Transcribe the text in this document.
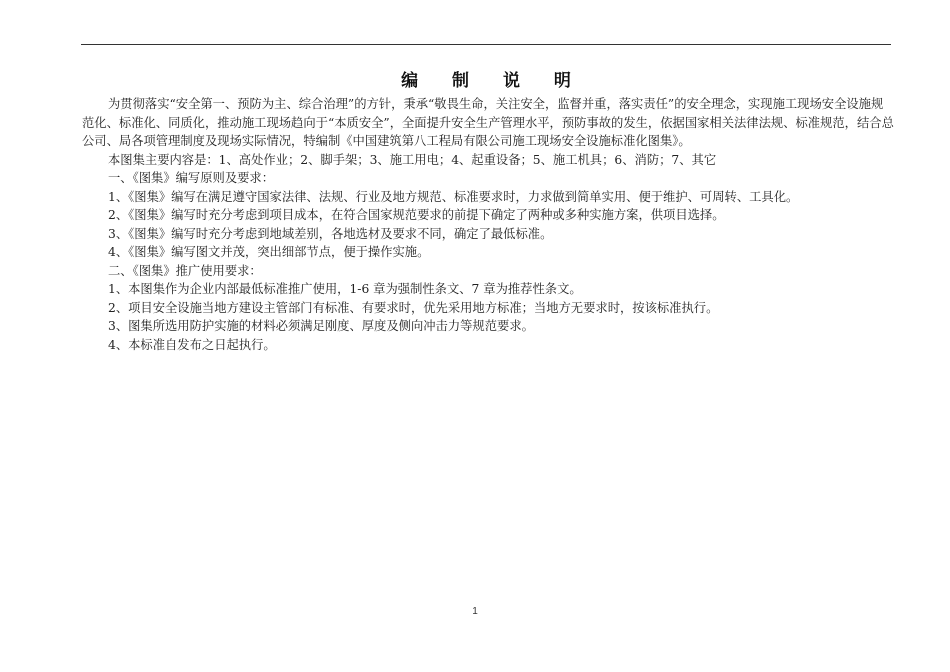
编 制 说 明

为贯彻落实“安全第一、预防为主、综合治理”的方针，秉承“敬畏生命，关注安全，监督并重，落实责任”的安全理念，实现施工现场安全设施规范化、标准化、同质化，推动施工现场趋向于“本质安全”，全面提升安全生产管理水平，预防事故的发生，依据国家相关法律法规、标准规范，结合总公司、局各项管理制度及现场实际情况，特编制《中国建筑第八工程局有限公司施工现场安全设施标准化图集》。

本图集主要内容是：1、高处作业；2、脚手架；3、施工用电；4、起重设备；5、施工机具；6、消防；7、其它

一、《图集》编写原则及要求：

1、《图集》编写在满足遵守国家法律、法规、行业及地方规范、标准要求时，力求做到简单实用、便于维护、可周转、工具化。

2、《图集》编写时充分考虑到项目成本，在符合国家规范要求的前提下确定了两种或多种实施方案，供项目选择。

3、《图集》编写时充分考虑到地域差别，各地选材及要求不同，确定了最低标准。

4、《图集》编写图文并茂，突出细部节点，便于操作实施。

二、《图集》推广使用要求：

1、本图集作为企业内部最低标准推广使用，1-6 章为强制性条文、7 章为推荐性条文。

2、项目安全设施当地方建设主管部门有标准、有要求时，优先采用地方标准；当地方无要求时，按该标准执行。

3、图集所选用防护实施的材料必须满足刚度、厚度及侧向冲击力等规范要求。

4、本标准自发布之日起执行。

1
